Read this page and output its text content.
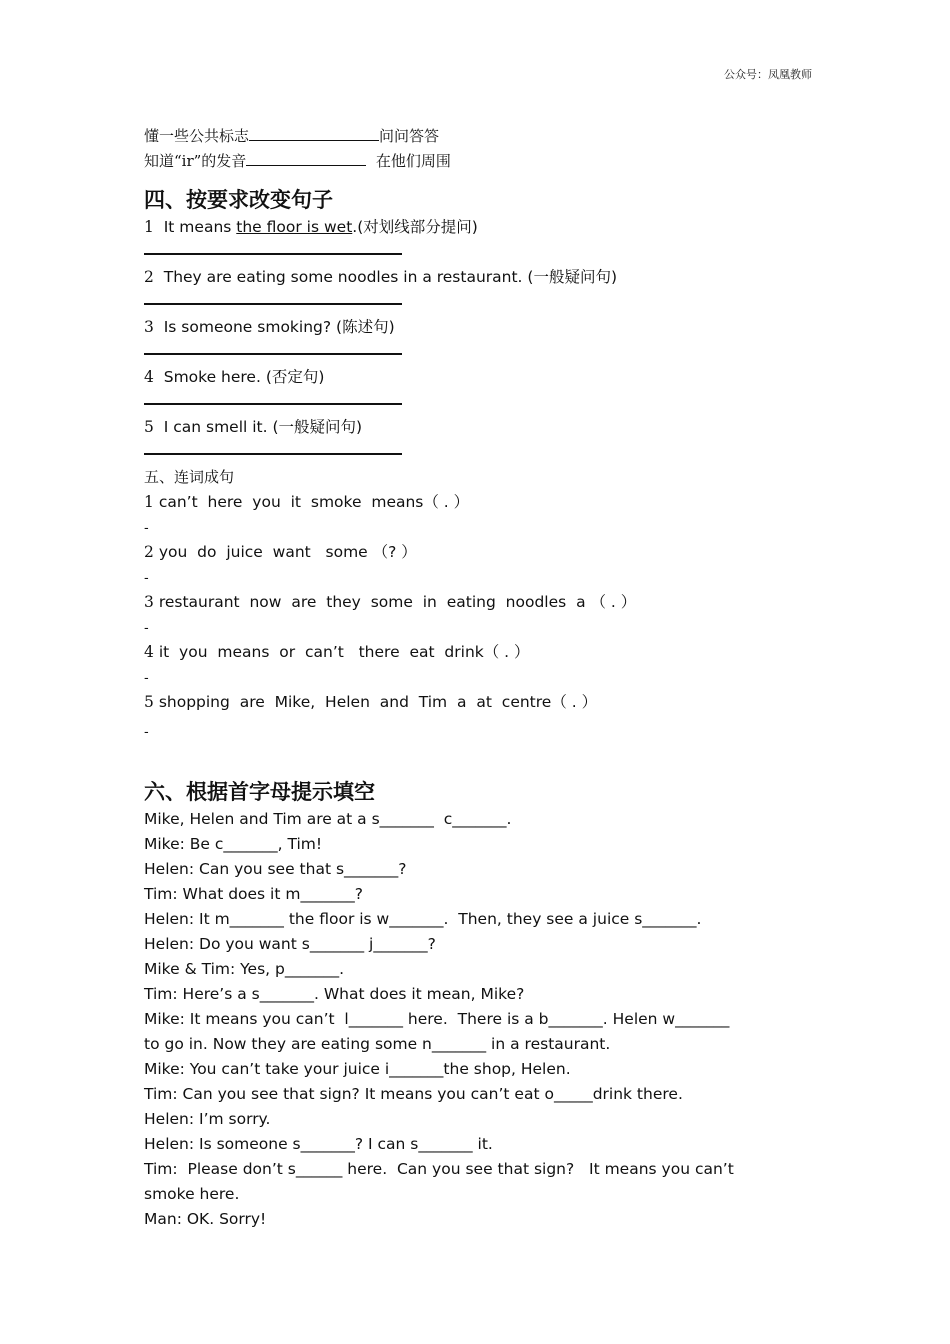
公众号：凤凰教师
懂一些公共标志	问问答答
知道“ir”的发音	在他们周围
四、按要求改变句子
1 It means the floor is wet.(对划线部分提问)
2 They are eating some noodles in a restaurant. (一般疑问句)
3 Is someone smoking? (陈述句)
4 Smoke here. (否定句)
5 I can smell it. (一般疑问句)
五、连词成句
1 can’t  here  you  it  smoke  means（ . ）
-
2 you  do  juice  want   some （? ）
-
3 restaurant  now  are  they  some  in  eating  noodles  a （ . ）
-
4 it  you  means  or  can’t   there  eat  drink（ . ）
-
5 shopping  are  Mike,  Helen  and  Tim  a  at  centre（ . ）
-
六、根据首字母提示填空
Mike, Helen and Tim are at a s_______  c_______.
Mike: Be c_______, Tim!
Helen: Can you see that s_______?
Tim: What does it m_______?
Helen: It m_______ the floor is w_______.  Then, they see a juice s_______.
Helen: Do you want s_______ j_______?
Mike & Tim: Yes, p_______.
Tim: Here’s a s_______. What does it mean, Mike?
Mike: It means you can’t  l_______ here.  There is a b_______. Helen w_______
to go in. Now they are eating some n_______ in a restaurant.
Mike: You can’t take your juice i_______the shop, Helen.
Tim: Can you see that sign? It means you can’t eat o_____drink there.
Helen: I’m sorry.
Helen: Is someone s_______? I can s_______ it.
Tim:  Please don’t s______ here.  Can you see that sign?   It means you can’t
smoke here.
Man: OK. Sorry!
